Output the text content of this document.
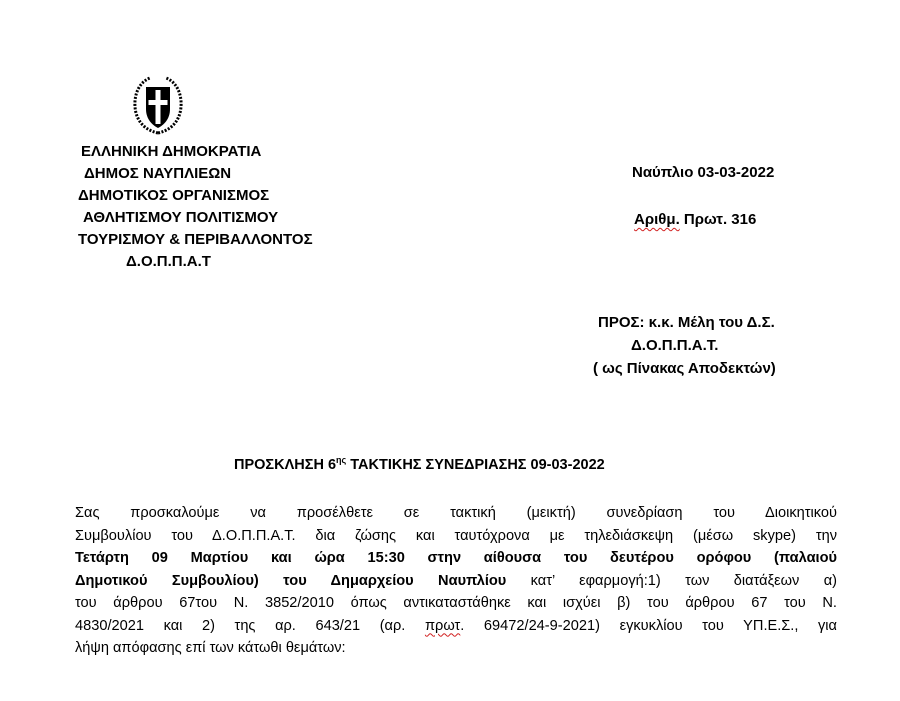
ΕΛΛΗΝΙΚΗ ΔΗΜΟΚΡΑΤΙΑ
ΔΗΜΟΣ ΝΑΥΠΛΙΕΩΝ
ΔΗΜΟΤΙΚΟΣ ΟΡΓΑΝΙΣΜΟΣ
ΑΘΛΗΤΙΣΜΟΥ ΠΟΛΙΤΙΣΜΟΥ
ΤΟΥΡΙΣΜΟΥ & ΠΕΡΙΒΑΛΛΟΝΤΟΣ
Δ.Ο.Π.Π.Α.Τ
Ναύπλιο 03-03-2022
Αριθμ. Πρωτ. 316
ΠΡΟΣ: κ.κ. Μέλη του Δ.Σ.
Δ.Ο.Π.Π.Α.Τ.
( ως Πίνακας Αποδεκτών)
ΠΡΟΣΚΛΗΣΗ $6^{\eta\varsigma}$ ΤΑΚΤΙΚΗΣ ΣΥΝΕΔΡΙΑΣΗΣ 09-03-2022

Σας προσκαλούμε να προσέλθετε σε τακτική (μεικτή) συνεδρίαση του Διοικητικού

Συμβουλίου του Δ.Ο.Π.Π.Α.Τ. δια ζώσης και ταυτόχρονα με τηλεδιάσκεψη (μέσω skype) την

Τετάρτη 09 Μαρτίου και ώρα 15:30 στην αίθουσα του δευτέρου ορόφου (παλαιού

Δημοτικού Συμβουλίου) του Δημαρχείου Ναυπλίου κατ’ εφαρμογή:1) των διατάξεων α)

του άρθρου 67του Ν. 3852/2010 όπως αντικαταστάθηκε και ισχύει β) του άρθρου 67 του Ν.

4830/2021 και 2) της αρ. 643/21 (αρ. πρωτ. 69472/24-9-2021) εγκυκλίου του ΥΠ.Ε.Σ., για

λήψη απόφασης επί των κάτωθι θεμάτων:
